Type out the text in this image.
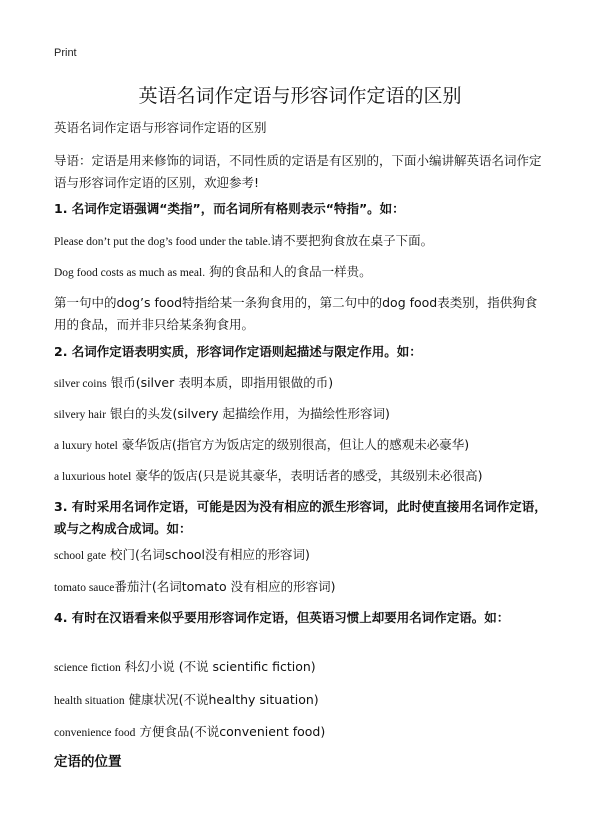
Print
英语名词作定语与形容词作定语的区别
英语名词作定语与形容词作定语的区别
导语：定语是用来修饰的词语，不同性质的定语是有区别的，下面小编讲解英语名词作定语与形容词作定语的区别，欢迎参考!
1. 名词作定语强调“类指”，而名词所有格则表示“特指”。如：
Please don’t put the dog’s food under the table.请不要把狗食放在桌子下面。
Dog food costs as much as meal. 狗的食品和人的食品一样贵。
第一句中的dog’s food特指给某一条狗食用的，第二句中的dog food表类别，指供狗食用的食品，而并非只给某条狗食用。
2. 名词作定语表明实质，形容词作定语则起描述与限定作用。如：
silver coins 银币(silver 表明本质，即指用银做的币)
silvery hair 银白的头发(silvery 起描绘作用，为描绘性形容词)
a luxury hotel 豪华饭店(指官方为饭店定的级别很高，但让人的感观未必豪华)
a luxurious hotel 豪华的饭店(只是说其豪华，表明话者的感受，其级别未必很高)
3. 有时采用名词作定语，可能是因为没有相应的派生形容词，此时使直接用名词作定语，或与之构成合成词。如：
school gate 校门(名词school没有相应的形容词)
tomato sauce番茄汁(名词tomato 没有相应的形容词)
4. 有时在汉语看来似乎要用形容词作定语，但英语习惯上却要用名词作定语。如：
science fiction 科幻小说 (不说 scientific fiction)
health situation 健康状况(不说healthy situation)
convenience food 方便食品(不说convenient food)
定语的位置
